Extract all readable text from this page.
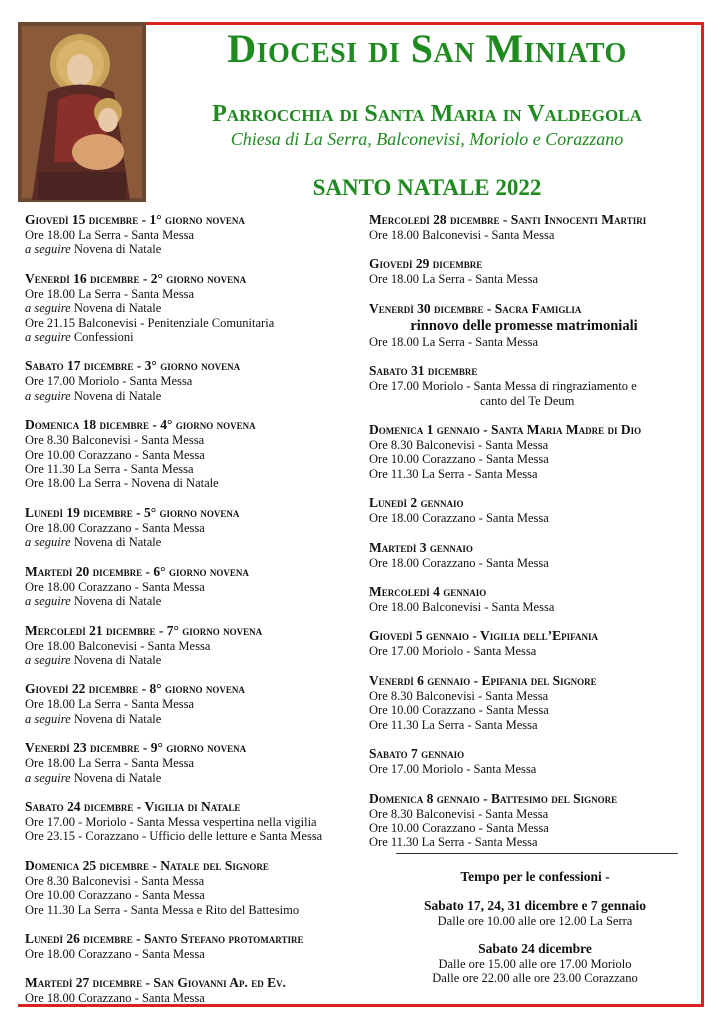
Diocesi di San Miniato
Parrocchia di Santa Maria in Valdegola
Chiesa di La Serra, Balconevisi, Moriolo e Corazzano
SANTO NATALE 2022
Giovedì 15 dicembre - 1° giorno novena
Ore 18.00 La Serra - Santa Messa
a seguire Novena di Natale
Venerdì 16 dicembre - 2° giorno novena
Ore 18.00 La Serra - Santa Messa
a seguire Novena di Natale
Ore 21.15 Balconevisi - Penitenziale Comunitaria
a seguire Confessioni
Sabato 17 dicembre - 3° giorno novena
Ore 17.00 Moriolo - Santa Messa
a seguire Novena di Natale
Domenica 18 dicembre - 4° giorno novena
Ore 8.30 Balconevisi - Santa Messa
Ore 10.00 Corazzano - Santa Messa
Ore 11.30 La Serra - Santa Messa
Ore 18.00 La Serra - Novena di Natale
Lunedì 19 dicembre - 5° giorno novena
Ore 18.00 Corazzano - Santa Messa
a seguire Novena di Natale
Martedì 20 dicembre - 6° giorno novena
Ore 18.00 Corazzano - Santa Messa
a seguire Novena di Natale
Mercoledì 21 dicembre - 7° giorno novena
Ore 18.00 Balconevisi - Santa Messa
a seguire Novena di Natale
Giovedì 22 dicembre - 8° giorno novena
Ore 18.00 La Serra - Santa Messa
a seguire Novena di Natale
Venerdì 23 dicembre - 9° giorno novena
Ore 18.00 La Serra - Santa Messa
a seguire Novena di Natale
Sabato 24 dicembre - Vigilia di Natale
Ore 17.00 - Moriolo - Santa Messa vespertina nella vigilia
Ore 23.15 - Corazzano - Ufficio delle letture e Santa Messa
Domenica 25 dicembre - Natale del Signore
Ore 8.30 Balconevisi - Santa Messa
Ore 10.00 Corazzano - Santa Messa
Ore 11.30 La Serra - Santa Messa e Rito del Battesimo
Lunedì 26 dicembre - Santo Stefano protomartire
Ore 18.00 Corazzano - Santa Messa
Martedì 27 dicembre - San Giovanni Ap. ed Ev.
Ore 18.00 Corazzano - Santa Messa
Mercoledì 28 dicembre - Santi Innocenti Martiri
Ore 18.00 Balconevisi - Santa Messa
Giovedì 29 dicembre
Ore 18.00 La Serra - Santa Messa
Venerdì 30 dicembre - Sacra Famiglia
rinnovo delle promesse matrimoniali
Ore 18.00 La Serra - Santa Messa
Sabato 31 dicembre
Ore 17.00 Moriolo - Santa Messa di ringraziamento e
canto del Te Deum
Domenica 1 gennaio - Santa Maria Madre di Dio
Ore 8.30 Balconevisi - Santa Messa
Ore 10.00 Corazzano - Santa Messa
Ore 11.30 La Serra - Santa Messa
Lunedì 2 gennaio
Ore 18.00 Corazzano - Santa Messa
Martedì 3 gennaio
Ore 18.00 Corazzano - Santa Messa
Mercoledì 4 gennaio
Ore 18.00 Balconevisi - Santa Messa
Giovedì 5 gennaio - Vigilia dell’Epifania
Ore 17.00 Moriolo - Santa Messa
Venerdì 6 gennaio - Epifania del Signore
Ore 8.30 Balconevisi - Santa Messa
Ore 10.00 Corazzano - Santa Messa
Ore 11.30 La Serra - Santa Messa
Sabato 7 gennaio
Ore 17.00 Moriolo - Santa Messa
Domenica 8 gennaio - Battesimo del Signore
Ore 8.30 Balconevisi - Santa Messa
Ore 10.00 Corazzano - Santa Messa
Ore 11.30 La Serra - Santa Messa
Tempo per le confessioni -
Sabato 17, 24, 31 dicembre e 7 gennaio
Dalle ore 10.00 alle ore 12.00 La Serra
Sabato 24 dicembre
Dalle ore 15.00 alle ore 17.00 Moriolo
Dalle ore 22.00 alle ore 23.00 Corazzano
